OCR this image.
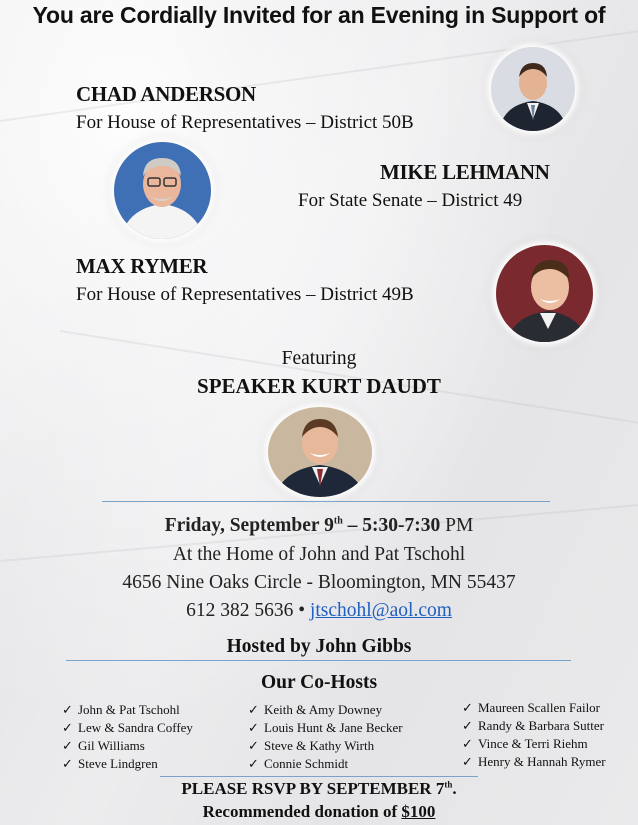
You are Cordially Invited for an Evening in Support of
CHAD ANDERSON
For House of Representatives – District 50B
MIKE LEHMANN
For State Senate – District 49
MAX RYMER
For House of Representatives – District 49B
Featuring
SPEAKER KURT DAUDT
Friday, September 9th – 5:30-7:30 PM
At the Home of John and Pat Tschohl
4656 Nine Oaks Circle - Bloomington, MN 55437
612 382 5636 • jtschohl@aol.com
Hosted by John Gibbs
Our Co-Hosts
✓ John & Pat Tschohl
✓ Lew & Sandra Coffey
✓ Gil Williams
✓ Steve Lindgren
✓ Keith & Amy Downey
✓ Louis Hunt & Jane Becker
✓ Steve & Kathy Wirth
✓ Connie Schmidt
✓ Maureen Scallen Failor
✓ Randy & Barbara Sutter
✓ Vince & Terri Riehm
✓ Henry & Hannah Rymer
PLEASE RSVP BY SEPTEMBER 7th.
Recommended donation of $100
